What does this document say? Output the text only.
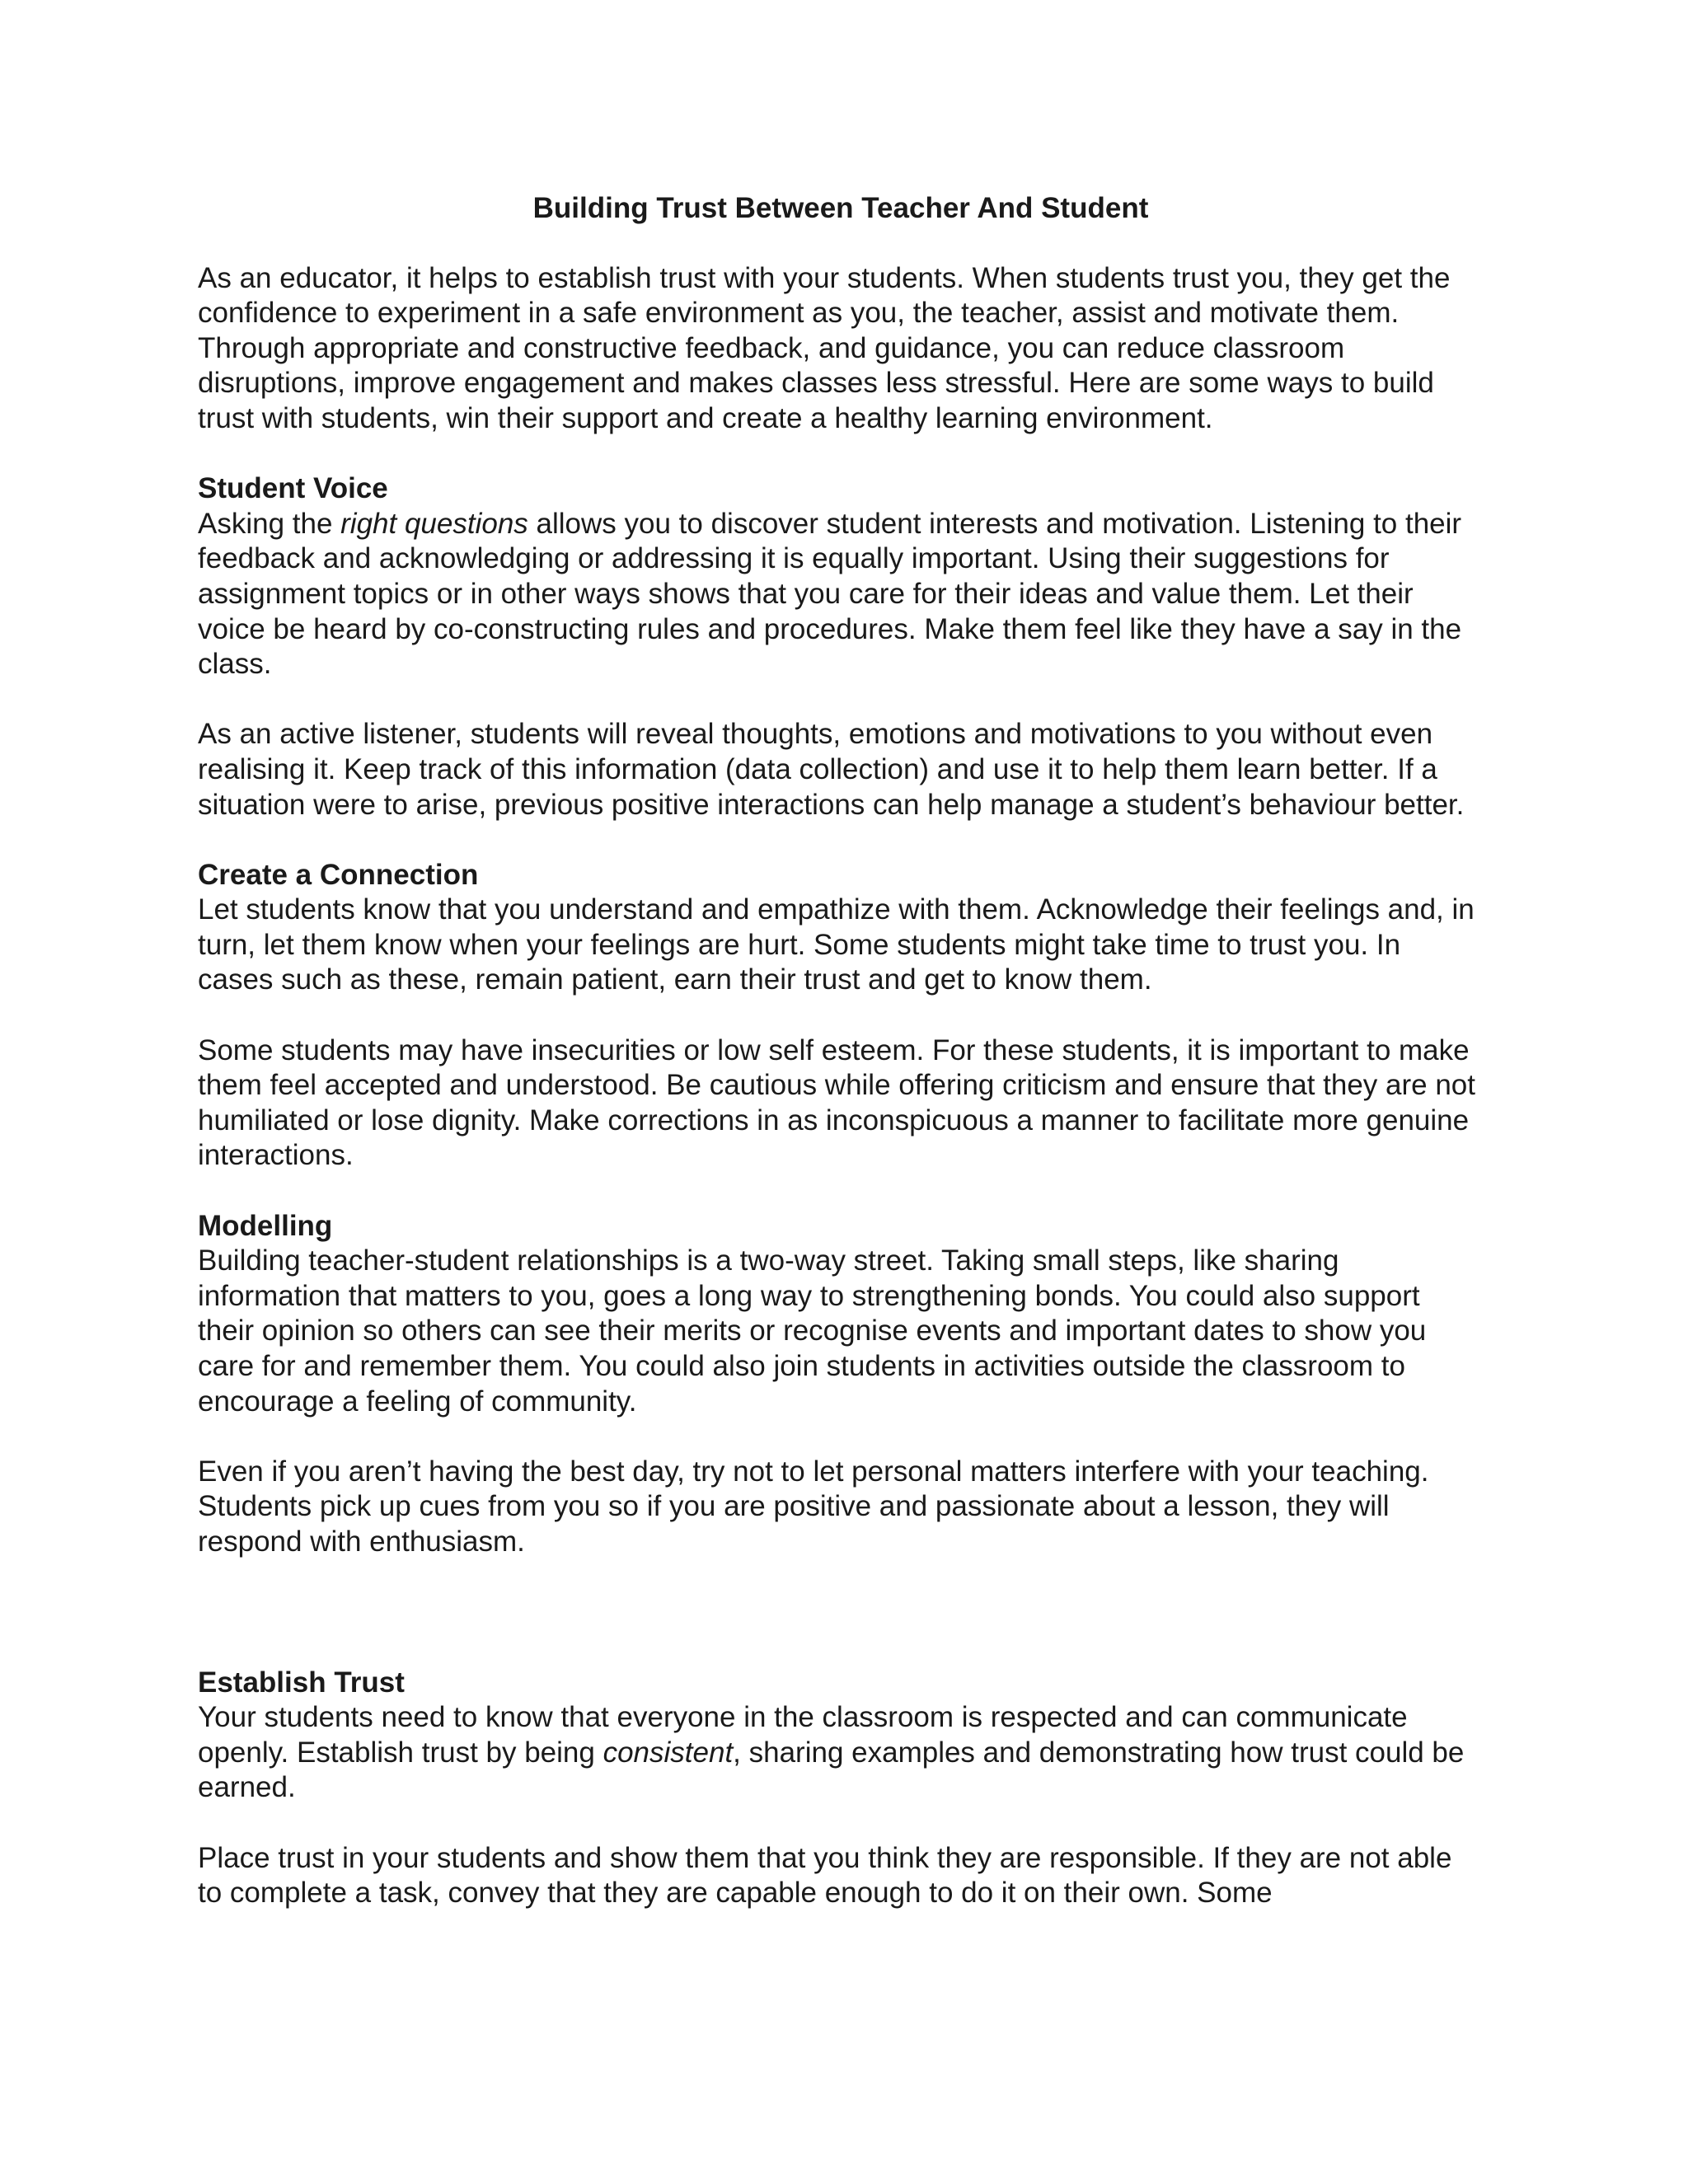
Building Trust Between Teacher And Student

As an educator, it helps to establish trust with your students. When students trust you, they get the confidence to experiment in a safe environment as you, the teacher, assist and motivate them. Through appropriate and constructive feedback, and guidance, you can reduce classroom disruptions, improve engagement and makes classes less stressful. Here are some ways to build trust with students, win their support and create a healthy learning environment.

Student Voice

Asking the right questions allows you to discover student interests and motivation. Listening to their feedback and acknowledging or addressing it is equally important. Using their suggestions for assignment topics or in other ways shows that you care for their ideas and value them. Let their voice be heard by co-constructing rules and procedures. Make them feel like they have a say in the class.

As an active listener, students will reveal thoughts, emotions and motivations to you without even realising it. Keep track of this information (data collection) and use it to help them learn better. If a situation were to arise, previous positive interactions can help manage a student’s behaviour better.

Create a Connection

Let students know that you understand and empathize with them. Acknowledge their feelings and, in turn, let them know when your feelings are hurt. Some students might take time to trust you. In cases such as these, remain patient, earn their trust and get to know them.

Some students may have insecurities or low self esteem. For these students, it is important to make them feel accepted and understood. Be cautious while offering criticism and ensure that they are not humiliated or lose dignity. Make corrections in as inconspicuous a manner to facilitate more genuine interactions.

Modelling

Building teacher-student relationships is a two-way street. Taking small steps, like sharing information that matters to you, goes a long way to strengthening bonds. You could also support their opinion so others can see their merits or recognise events and important dates to show you care for and remember them. You could also join students in activities outside the classroom to encourage a feeling of community.

Even if you aren’t having the best day, try not to let personal matters interfere with your teaching. Students pick up cues from you so if you are positive and passionate about a lesson, they will respond with enthusiasm.

Establish Trust

Your students need to know that everyone in the classroom is respected and can communicate openly. Establish trust by being consistent, sharing examples and demonstrating how trust could be earned.

Place trust in your students and show them that you think they are responsible. If they are not able to complete a task, convey that they are capable enough to do it on their own. Some
